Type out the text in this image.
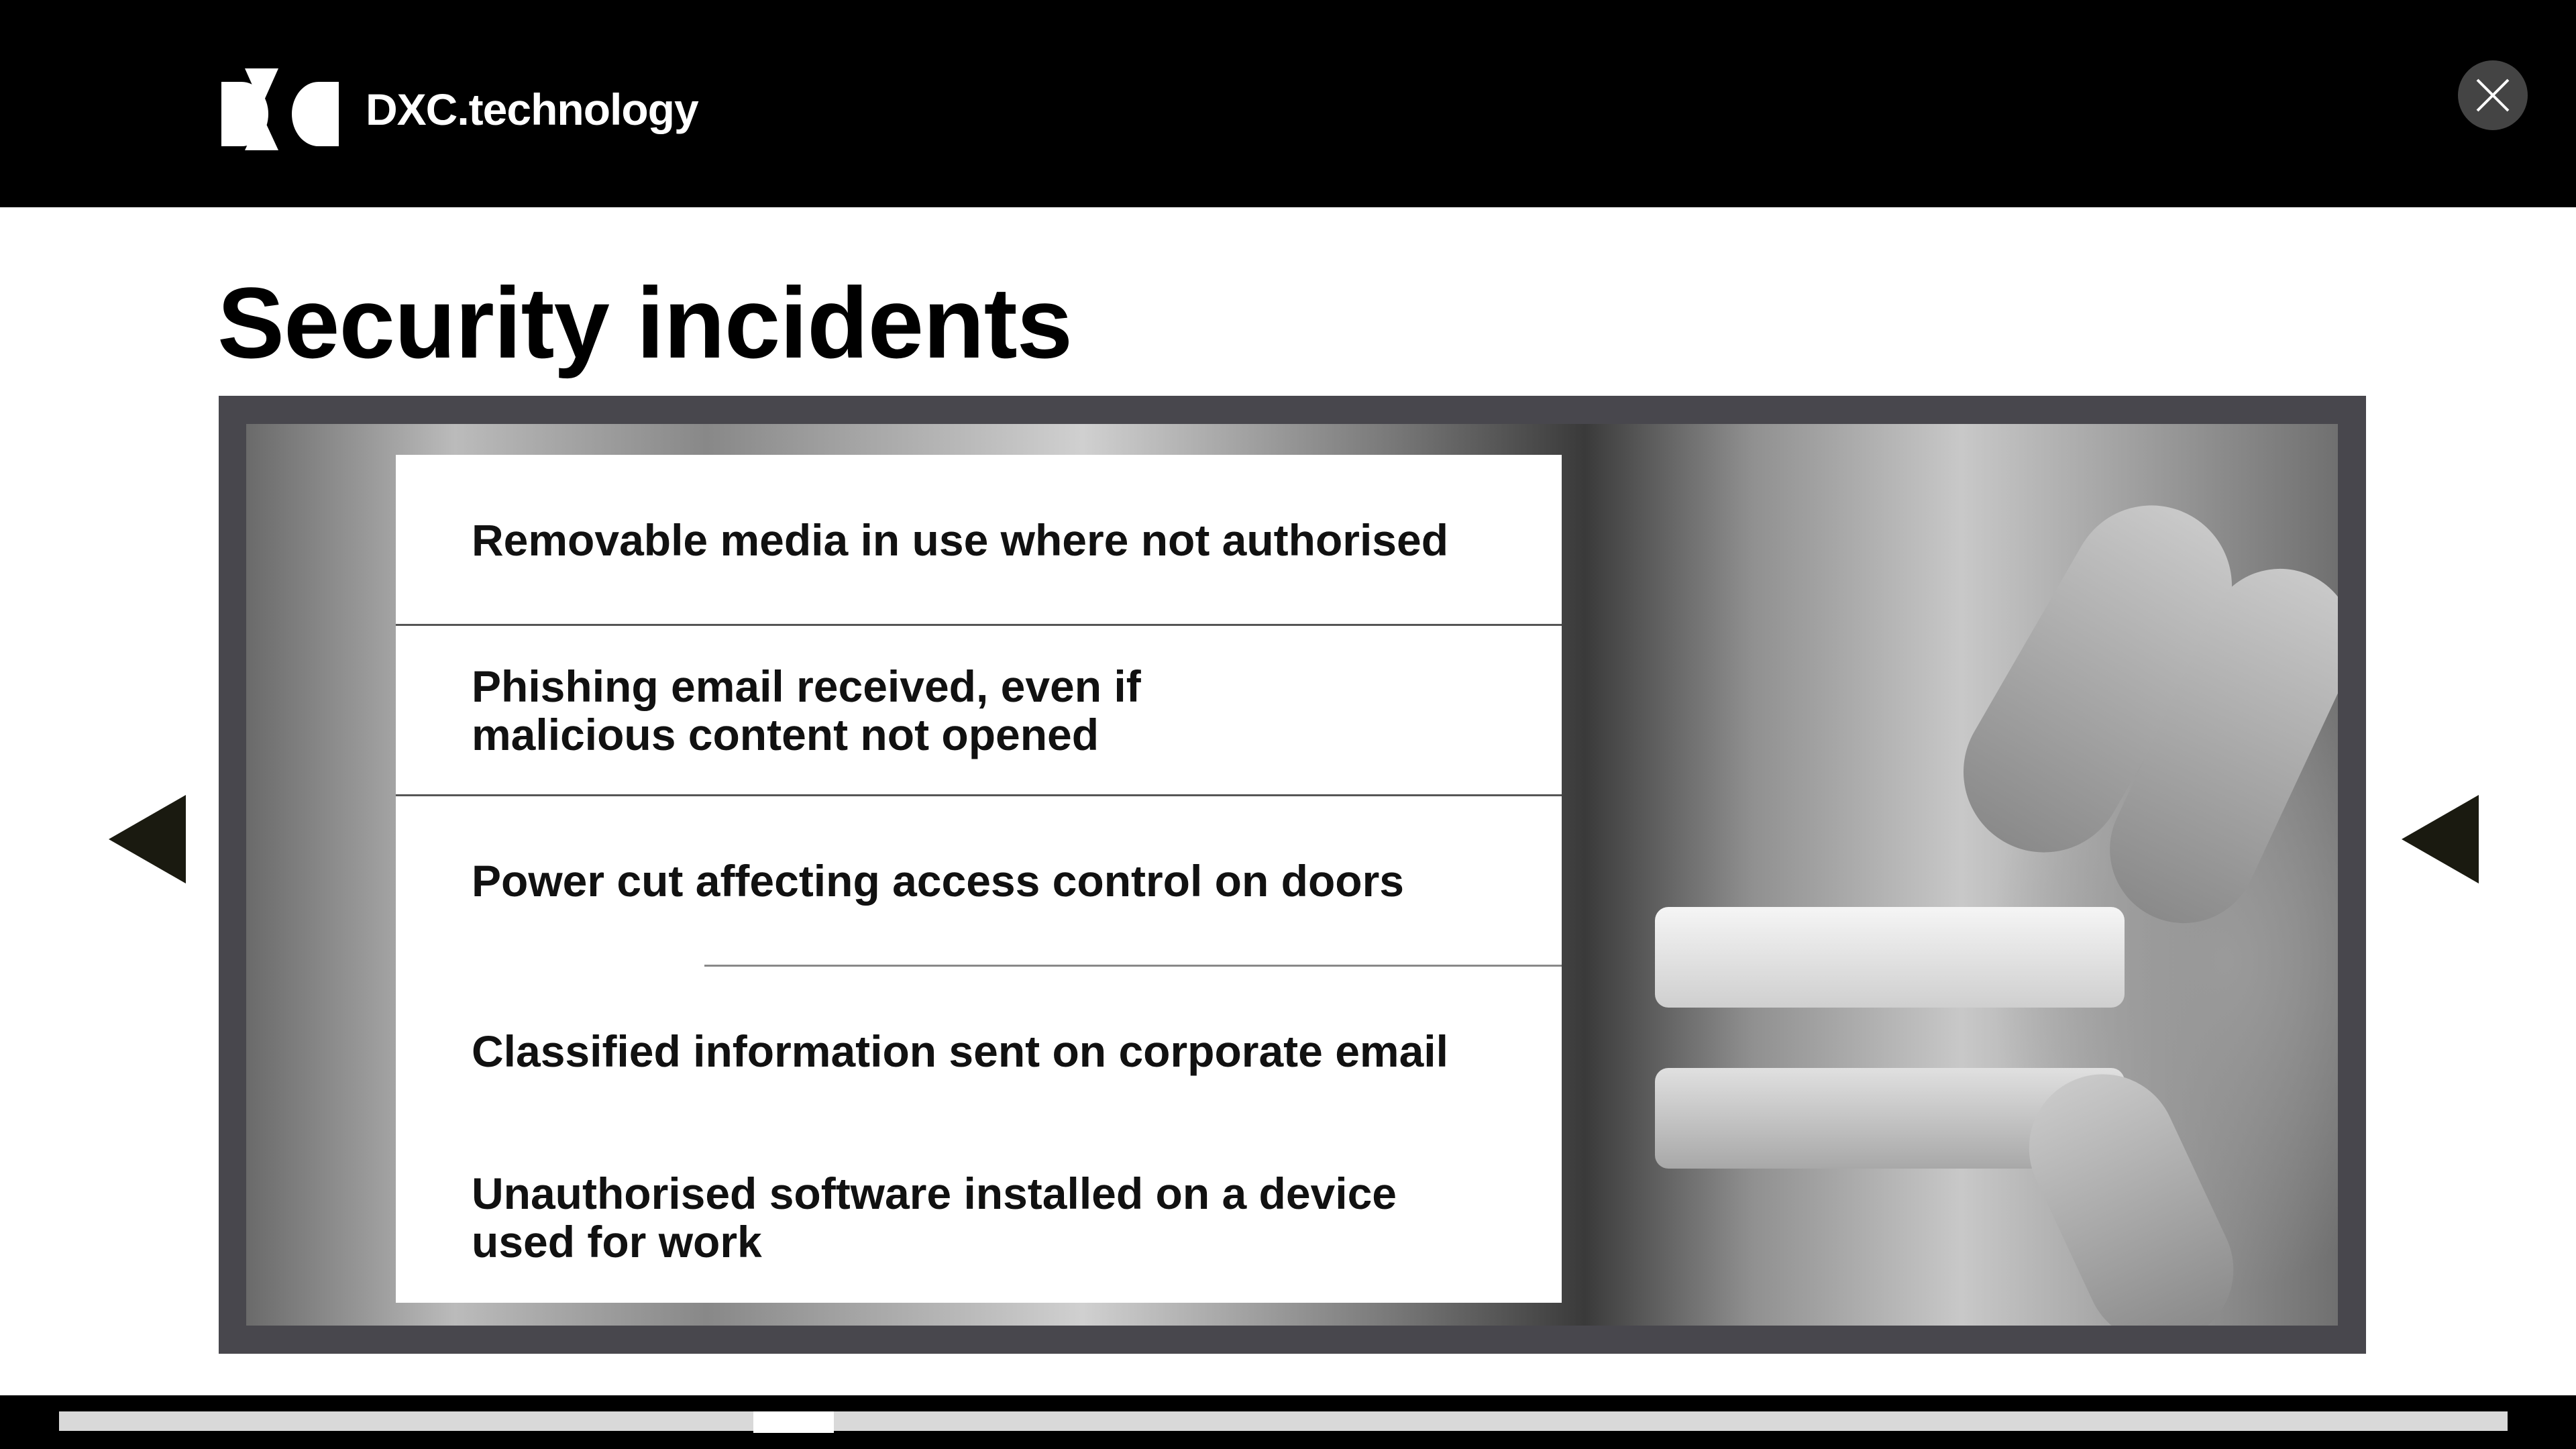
DXC.technology
Security incidents
Removable media in use where not authorised
Phishing email received, even if
malicious content not opened
Power cut affecting access control on doors
Classified information sent on corporate email
Unauthorised software installed on a device
used for work
